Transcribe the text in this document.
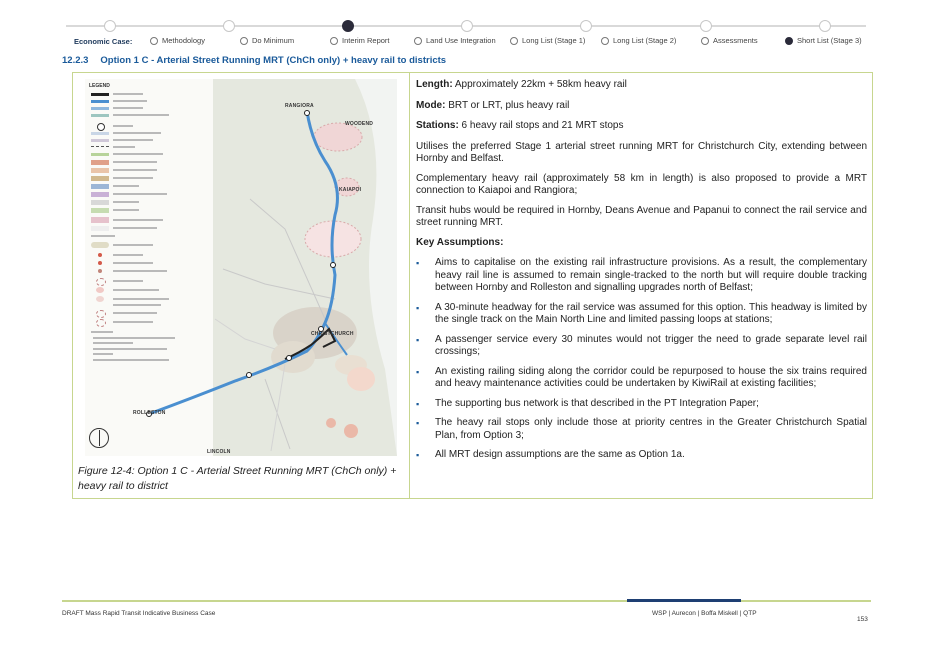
Economic Case:	Methodology	Do Minimum	Interim Report	Land Use Integration	Long List (Stage 1)	Long List (Stage 2)	Assessments	Short List (Stage 3)
12.2.3 Option 1 C - Arterial Street Running MRT (ChCh only) + heavy rail to districts
LEGEND
RANGIORA
WOODEND
KAIAPOI
CHRISTCHURCH
ROLLESTON
LINCOLN
Figure 12-4: Option 1 C - Arterial Street Running MRT (ChCh only) + heavy rail to district
Length: Approximately 22km + 58km heavy rail
Mode: BRT or LRT, plus heavy rail
Stations: 6 heavy rail stops and 21 MRT stops

Utilises the preferred Stage 1 arterial street running MRT for Christchurch City, extending between Hornby and Belfast.

Complementary heavy rail (approximately 58 km in length) is also proposed to provide a MRT connection to Kaiapoi and Rangiora;

Transit hubs would be required in Hornby, Deans Avenue and Papanui to connect the rail service and street running MRT.

Key Assumptions:
▪ Aims to capitalise on the existing rail infrastructure provisions. As a result, the complementary heavy rail line is assumed to remain single-tracked to the north but will require double tracking between Hornby and Rolleston and signalling upgrades north of Belfast;
▪ A 30-minute headway for the rail service was assumed for this option. This headway is limited by the single track on the Main North Line and limited passing loops at stations;
▪ A passenger service every 30 minutes would not trigger the need to grade separate level rail crossings;
▪ An existing railing siding along the corridor could be repurposed to house the six trains required and heavy maintenance activities could be undertaken by KiwiRail at existing facilities;
▪ The supporting bus network is that described in the PT Integration Paper;
▪ The heavy rail stops only include those at priority centres in the Greater Christchurch Spatial Plan, from Option 3;
▪ All MRT design assumptions are the same as Option 1a.
DRAFT Mass Rapid Transit Indicative Business Case	WSP | Aurecon | Boffa Miskell | QTP
153
